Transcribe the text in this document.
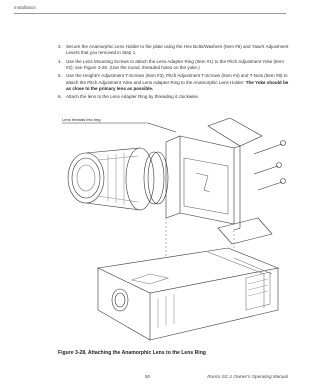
Installation
3. Secure the Anamorphic Lens Holder to the plate using the Hex Bolts/Washers (Item #6) and Yaw/X Adjustment Levers that you removed in Step 1.
4. Use the Lens Mounting Screws to attach the Lens Adapter Ring (Item #1) to the Pitch Adjustment Yoke (Item #2); see Figure 3-28. (Use the round, threaded holes on the yoke.)
5. Use the Height/Y Adjustment T-Screws (Item #3), Pitch Adjustment T-Screws (Item #4) and T-Nuts (Item #8) to attach the Pitch Adjustment Yoke and Lens Adapter Ring to the Anamorphic Lens Holder. The Yoke should be as close to the primary lens as possible.
6. Attach the lens to the Lens Adapter Ring by threading it clockwise.
Lens threads into ring
Figure 3-28. Attaching the Anamorphic Lens to the Lens Ring
50	Runco SC-1 Owner's Operating Manual
